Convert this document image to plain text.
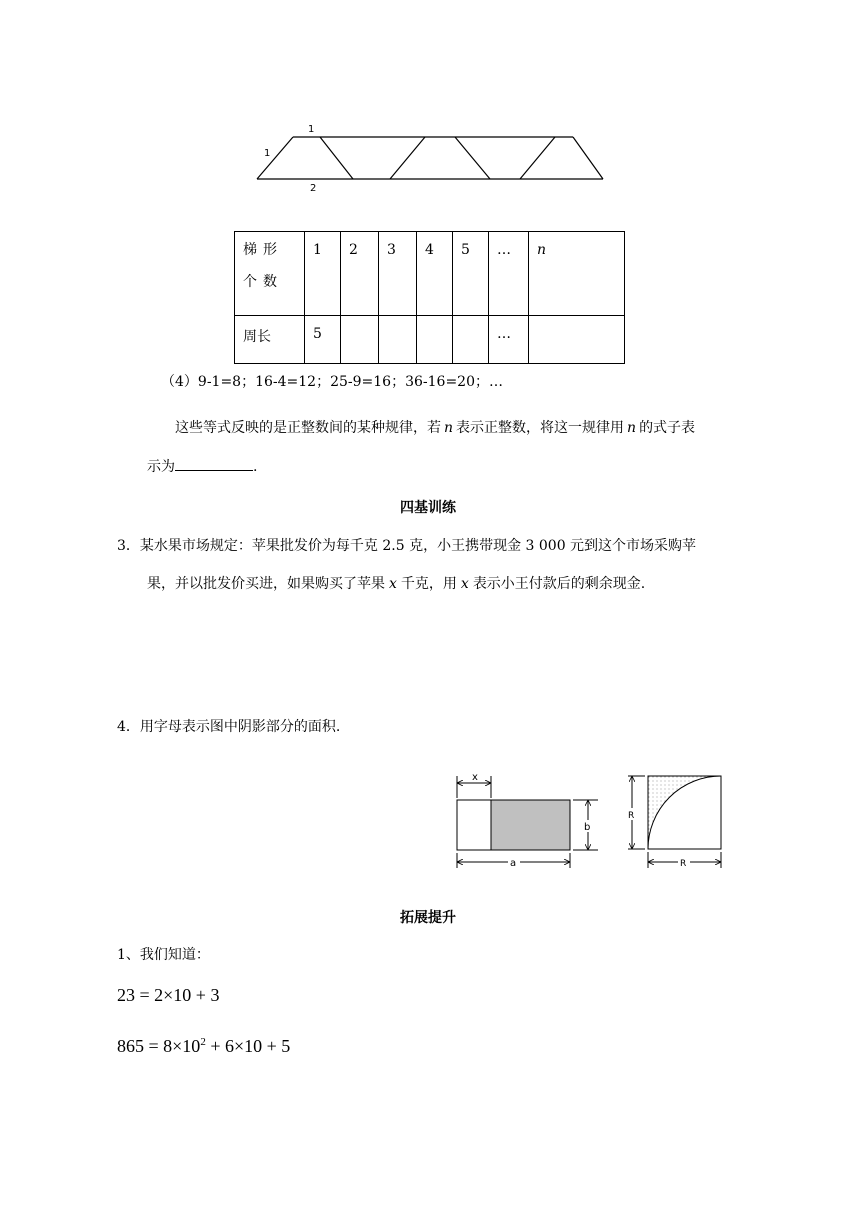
1
1
2
梯形个数	1	2	3	4	5	…	n
周长	5					…	
（4）9-1=8；16-4=12；25-9=16；36-16=20；…
这些等式反映的是正整数间的某种规律，若 n 表示正整数，将这一规律用 n 的式子表
示为	.
四基训练
3．某水果市场规定：苹果批发价为每千克 2.5 克，小王携带现金 3 000 元到这个市场采购苹
果，并以批发价买进，如果购买了苹果 x 千克，用 x 表示小王付款后的剩余现金.
4．用字母表示图中阴影部分的面积.
x
b
a
R
R
拓展提升
1、我们知道：
23 = 2×10 + 3
$865 = 8\times 10^2 + 6\times 10 + 5$
